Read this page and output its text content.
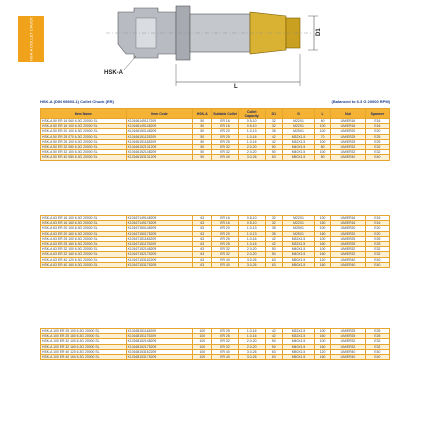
HSK-A COLLET CHUCK	D1
L
HSK-A
HSK-A (DIN 69893-1) Collet Chuck (ER)	(Balanced to 6.3 G 20000 RPM)
Item Name	Item Code	HSK-A	Suitable Collet	Collet Capacity	D1	G	L	Nut	Spanner
HSK-A 50 ER 16 060 6.3G 20000 SL	K10166149117209	50	ER 16	0.5-10	32	M22X1	60	UM/ER16	E16
HSK-A 50 ER 16 100 6.3G 20000 SL	K10166149148209	50	ER 16	0.5-10	32	M22X1	100	UM/ER16	E16
HSK-A 50 ER 20 100 6.3G 20000 SL	K10166150148209	50	ER 20	1.0-13	35	M25X1	100	UM/ER20	E20
HSK-A 50 ER 25 070 6.3G 20000 SL	K10166151125209	50	ER 25	1.0-16	42	M32X1.5	70	UM/ER25	E25
HSK-A 50 ER 25 100 6.3G 20000 SL	K10166151148209	50	ER 25	1.0-16	42	M32X1.5	100	UM/ER25	E25
HSK-A 50 ER 32 080 6.3G 20000 SL	K10166152131209	50	ER 32	2.0-20	50	M40X1.5	80	UM/ER32	E32
HSK-A 50 ER 32 100 6.3G 20000 SL	K10166152148209	50	ER 32	2.0-20	50	M40X1.5	100	UM/ER32	E32
HSK-A 50 ER 40 080 6.3G 20000 SL	K10166153131209	50	ER 40	3.0-26	63	M50X1.5	80	UM/ER40	E40
HSK-A 63 ER 16 100 6.3G 20000 SL	K10167149148209	63	ER 16	0.5-10	32	M22X1	100	UM/ER16	E16
HSK-A 63 ER 16 160 6.3G 20000 SL	K10167149175209	63	ER 16	0.5-10	32	M22X1	160	UM/ER16	E16
HSK-A 63 ER 20 100 6.3G 20000 SL	K10167150148209	63	ER 20	1.0-13	35	M25X1	100	UM/ER20	E20
HSK-A 63 ER 20 160 6.3G 20000 SL	K10167150175209	63	ER 20	1.0-13	35	M25X1	160	UM/ER20	E20
HSK-A 63 ER 25 100 6.3G 20000 SL	K10167151148209	63	ER 25	1.0-16	42	M32X1.5	100	UM/ER25	E25
HSK-A 63 ER 25 160 6.3G 20000 SL	K10167151175209	63	ER 25	1.0-16	42	M32X1.5	160	UM/ER25	E25
HSK-A 63 ER 32 100 6.3G 20000 SL	K10167152148209	63	ER 32	2.0-20	50	M40X1.5	100	UM/ER32	E32
HSK-A 63 ER 32 160 6.3G 20000 SL	K10167152175209	63	ER 32	2.0-20	50	M40X1.5	160	UM/ER32	E32
HSK-A 63 ER 40 120 6.3G 20000 SL	K10167153162209	63	ER 40	3.0-26	63	M50X1.5	120	UM/ER40	E40
HSK-A 63 ER 40 160 6.3G 20000 SL	K10167153175209	63	ER 40	3.0-26	63	M50X1.5	160	UM/ER40	E40
HSK-A 100 ER 25 100 6.3G 20000 SL	K10168151148209	100	ER 25	1.0-16	42	M32X1.5	100	UM/ER25	E25
HSK-A 100 ER 25 160 6.3G 20000 SL	K10168151175209	100	ER 25	1.0-16	42	M32X1.5	160	UM/ER25	E25
HSK-A 100 ER 32 100 6.3G 20000 SL	K10168152148209	100	ER 32	2.0-20	50	M40X1.5	100	UM/ER32	E32
HSK-A 100 ER 32 160 6.3G 20000 SL	K10168152175209	100	ER 32	2.0-20	50	M40X1.5	160	UM/ER32	E32
HSK-A 100 ER 40 120 6.3G 20000 SL	K10168153162209	100	ER 40	3.0-26	63	M50X1.5	120	UM/ER40	E40
HSK-A 100 ER 40 160 6.3G 20000 SL	K10168153175209	100	ER 40	3.0-26	63	M50X1.5	160	UM/ER40	E40
